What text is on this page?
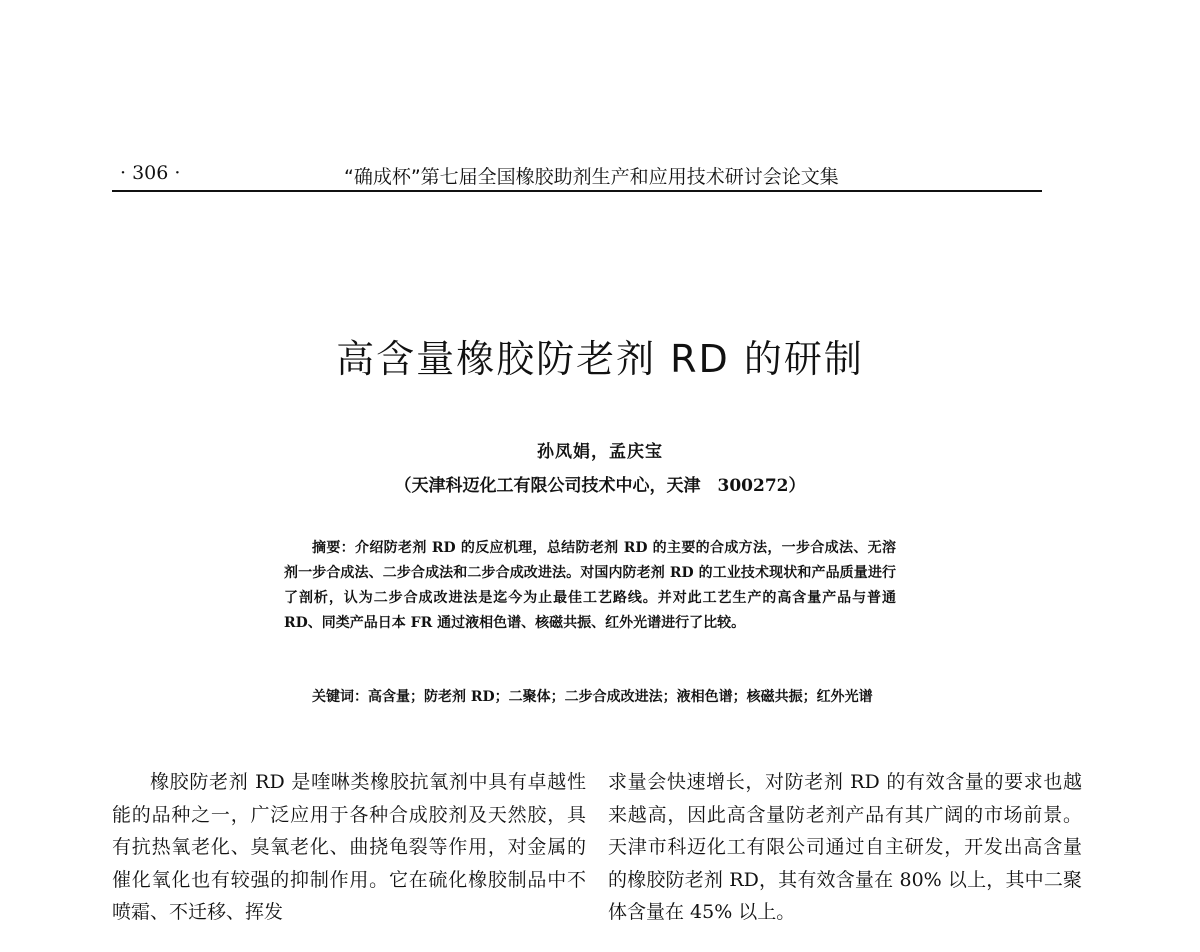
· 306 ·	“确成杯”第七届全国橡胶助剂生产和应用技术研讨会论文集
高含量橡胶防老剂 RD 的研制
孙凤娟，孟庆宝
（天津科迈化工有限公司技术中心，天津　300272）
摘要：介绍防老剂 RD 的反应机理，总结防老剂 RD 的主要的合成方法，一步合成法、无溶剂一步合成法、二步合成法和二步合成改进法。对国内防老剂 RD 的工业技术现状和产品质量进行了剖析，认为二步合成改进法是迄今为止最佳工艺路线。并对此工艺生产的高含量产品与普通 RD、同类产品日本 FR 通过液相色谱、核磁共振、红外光谱进行了比较。
关键词：高含量；防老剂 RD；二聚体；二步合成改进法；液相色谱；核磁共振；红外光谱
橡胶防老剂 RD 是喹啉类橡胶抗氧剂中具有卓越性能的品种之一，广泛应用于各种合成胶剂及天然胶，具有抗热氧老化、臭氧老化、曲挠龟裂等作用，对金属的催化氧化也有较强的抑制作用。它在硫化橡胶制品中不喷霜、不迁移、挥发
求量会快速增长，对防老剂 RD 的有效含量的要求也越来越高，因此高含量防老剂产品有其广阔的市场前景。天津市科迈化工有限公司通过自主研发，开发出高含量的橡胶防老剂 RD，其有效含量在 80% 以上，其中二聚体含量在 45% 以上。
